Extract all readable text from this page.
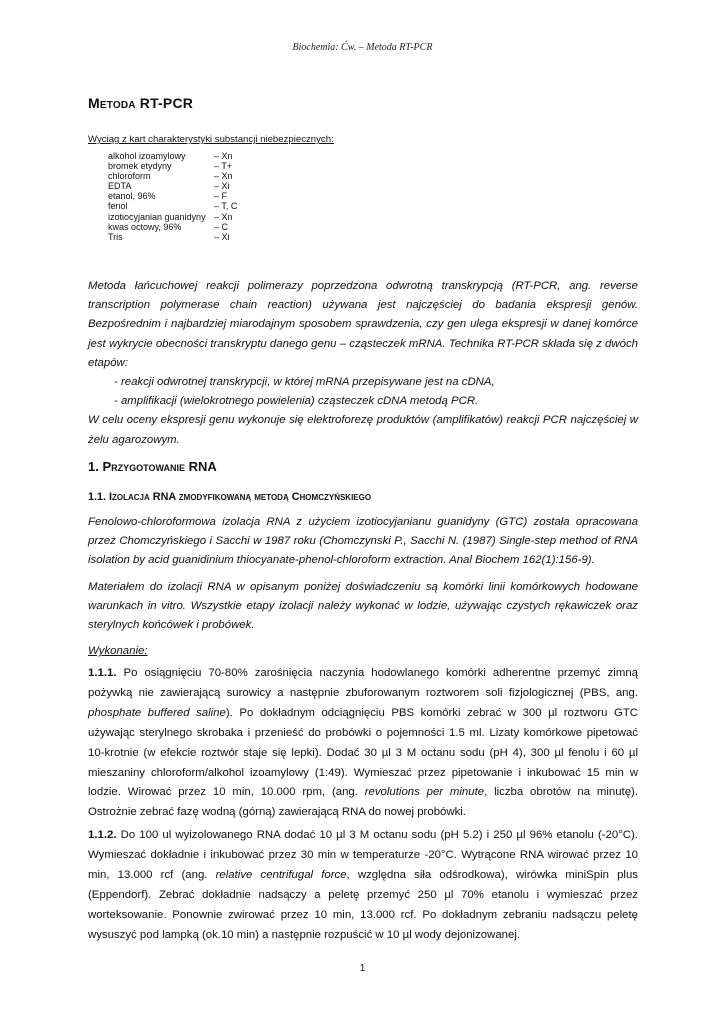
Biochemia: Ćw. – Metoda RT-PCR
Metoda RT-PCR
Wyciąg z kart charakterystyki substancji niebezpiecznych:
alkohol izoamylowy	– Xn
bromek etydyny	– T+
chloroform	– Xn
EDTA	– Xi
etanol, 96%	– F
fenol	– T, C
izotiocyjanian guanidyny – Xn
kwas octowy, 96%	– C
Tris	– Xi

Metoda łańcuchowej reakcji polimerazy poprzedzona odwrotną transkrypcją (RT-PCR, ang. reverse transcription polymerase chain reaction) używana jest najczęściej do badania ekspresji genów. Bezpośrednim i najbardziej miarodajnym sposobem sprawdzenia, czy gen ulega ekspresji w danej komórce jest wykrycie obecności transkryptu danego genu – cząsteczek mRNA. Technika RT-PCR składa się z dwóch etapów:

- reakcji odwrotnej transkrypcji, w której mRNA przepisywane jest na cDNA,

- amplifikacji (wielokrotnego powielenia) cząsteczek cDNA metodą PCR.

W celu oceny ekspresji genu wykonuje się elektroforezę produktów (amplifikatów) reakcji PCR najczęściej w żelu agarozowym.

1. Przygotowanie RNA
1.1. Izolacja RNA zmodyfikowaną metodą Chomczyńskiego

Fenolowo-chloroformowa izolacja RNA z użyciem izotiocyjanianu guanidyny (GTC) została opracowana przez Chomczyńskiego i Sacchi w 1987 roku (Chomczynski P., Sacchi N. (1987) Single-step method of RNA isolation by acid guanidinium thiocyanate-phenol-chloroform extraction. Anal Biochem 162(1):156-9).

Materiałem do izolacji RNA w opisanym poniżej doświadczeniu są komórki linii komórkowych hodowane warunkach in vitro. Wszystkie etapy izolacji należy wykonać w lodzie, używając czystych rękawiczek oraz sterylnych końcówek i probówek.

Wykonanie:

1.1.1. Po osiągnięciu 70-80% zarośnięcia naczynia hodowlanego komórki adherentne przemyć zimną pożywką nie zawierającą surowicy a następnie zbuforowanym roztworem soli fizjologicznej (PBS, ang. phosphate buffered saline). Po dokładnym odciągnięciu PBS komórki zebrać w 300 µl roztworu GTC używając sterylnego skrobaka i przenieść do probówki o pojemności 1.5 ml. Lizaty komórkowe pipetować 10-krotnie (w efekcie roztwór staje się lepki). Dodać 30 µl 3 M octanu sodu (pH 4), 300 µl fenolu i 60 µl mieszaniny chloroform/alkohol izoamylowy (1:49). Wymieszać przez pipetowanie i inkubować 15 min w lodzie. Wirować przez 10 min, 10.000 rpm, (ang. revolutions per minute, liczba obrotów na minutę). Ostrożnie zebrać fazę wodną (górną) zawierającą RNA do nowej probówki.

1.1.2. Do 100 ul wyizolowanego RNA dodać 10 µl 3 M octanu sodu (pH 5.2) i 250 µl 96% etanolu (-20°C). Wymieszać dokładnie i inkubować przez 30 min w temperaturze -20°C. Wytrącone RNA wirować przez 10 min, 13.000 rcf (ang. relative centrifugal force, względna siła odśrodkowa), wirówka miniSpin plus (Eppendorf). Zebrać dokładnie nadsączy a peletę przemyć 250 µl 70% etanolu i wymieszać przez worteksowanie. Ponownie zwirować przez 10 min, 13.000 rcf. Po dokładnym zebraniu nadsączu peletę wysuszyć pod lampką (ok.10 min) a następnie rozpuścić w 10 µl wody dejonizowanej.

1
